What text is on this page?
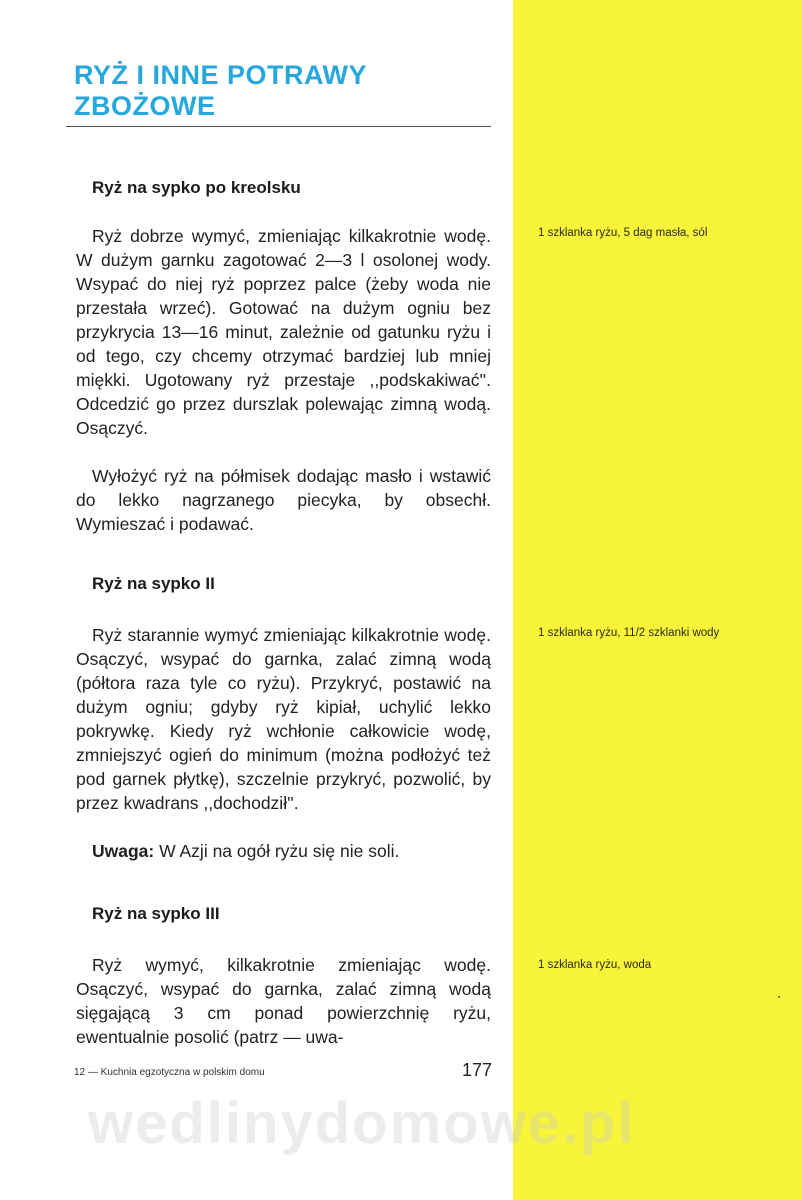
RYŻ I INNE POTRAWY ZBOŻOWE
Ryż na sypko po kreolsku

Ryż dobrze wymyć, zmieniając kilkakrotnie wodę. W dużym garnku zagotować 2—3 l osolonej wody. Wsypać do niej ryż poprzez palce (żeby woda nie przestała wrzeć). Gotować na dużym ogniu bez przykrycia 13—16 minut, zależnie od gatunku ryżu i od tego, czy chcemy otrzymać bardziej lub mniej miękki. Ugotowany ryż przestaje ,,podskakiwać''. Odcedzić go przez durszlak polewając zimną wodą. Osączyć.

Wyłożyć ryż na półmisek dodając masło i wstawić do lekko nagrzanego piecyka, by obsechł. Wymieszać i podawać.

1 szklanka ryżu, 5 dag masła, sól

Ryż na sypko II

Ryż starannie wymyć zmieniając kilkakrotnie wodę. Osączyć, wsypać do garnka, zalać zimną wodą (półtora raza tyle co ryżu). Przykryć, postawić na dużym ogniu; gdyby ryż kipiał, uchylić lekko pokrywkę. Kiedy ryż wchłonie całkowicie wodę, zmniejszyć ogień do minimum (można podłożyć też pod garnek płytkę), szczelnie przykryć, pozwolić, by przez kwadrans ,,dochodził''.

Uwaga: W Azji na ogół ryżu się nie soli.

1 szklanka ryżu, 11/2 szklanki wody

Ryż na sypko III

Ryż wymyć, kilkakrotnie zmieniając wodę. Osączyć, wsypać do garnka, zalać zimną wodą sięgającą 3 cm ponad powierzchnię ryżu, ewentualnie posolić (patrz — uwa-

1 szklanka ryżu, woda

12 — Kuchnia egzotyczna w polskim domu	177

wedlinydomowe.pl
